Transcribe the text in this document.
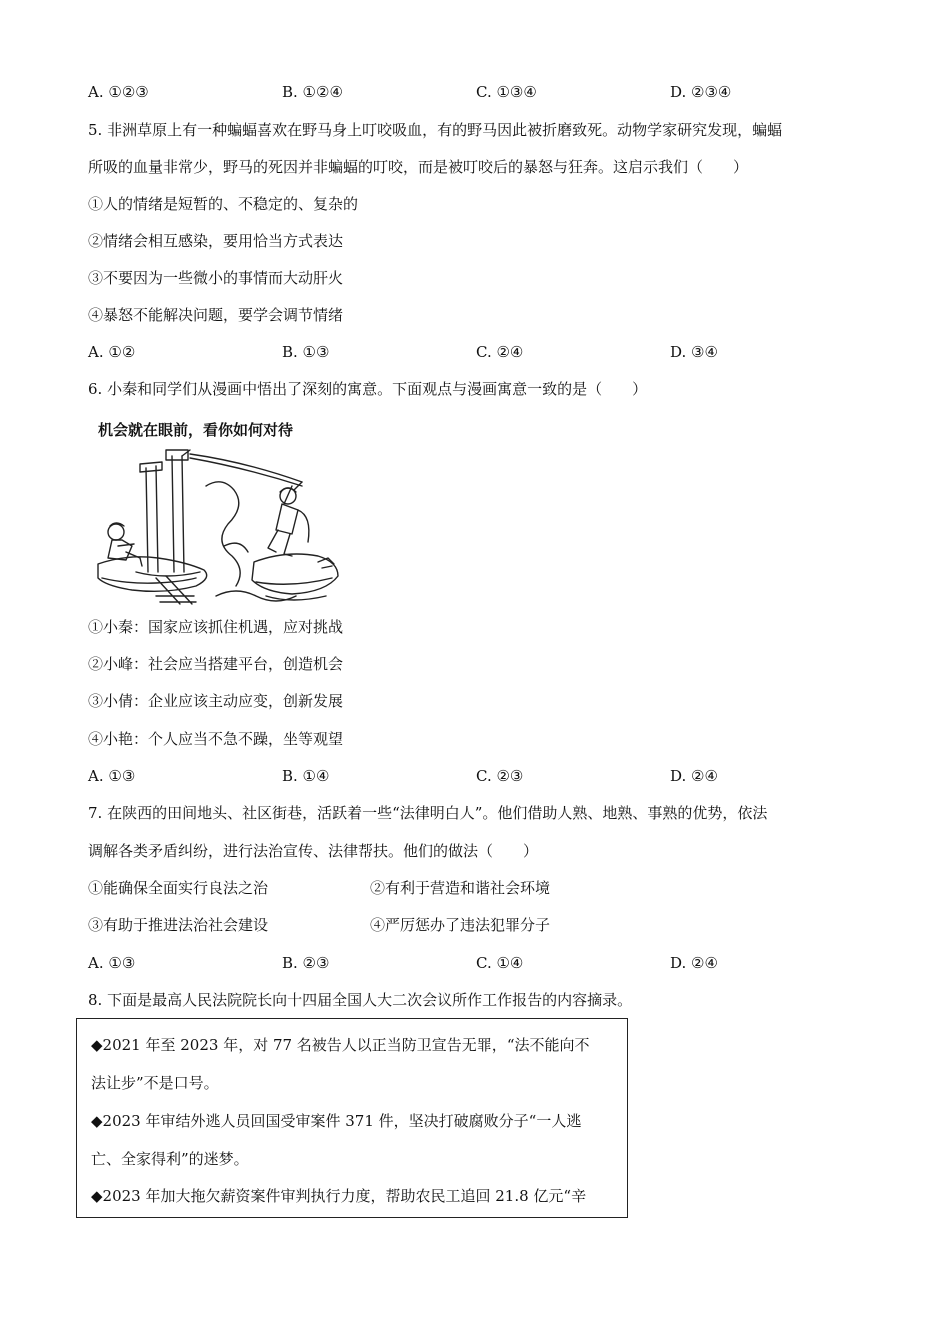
A. ①②③	B. ①②④	C. ①③④	D. ②③④
5. 非洲草原上有一种蝙蝠喜欢在野马身上叮咬吸血，有的野马因此被折磨致死。动物学家研究发现，蝙蝠
所吸的血量非常少，野马的死因并非蝙蝠的叮咬，而是被叮咬后的暴怒与狂奔。这启示我们（　　）
①人的情绪是短暂的、不稳定的、复杂的
②情绪会相互感染，要用恰当方式表达
③不要因为一些微小的事情而大动肝火
④暴怒不能解决问题，要学会调节情绪
A. ①②	B. ①③	C. ②④	D. ③④
6. 小秦和同学们从漫画中悟出了深刻的寓意。下面观点与漫画寓意一致的是（　　）
机会就在眼前，看你如何对待
①小秦：国家应该抓住机遇，应对挑战
②小峰：社会应当搭建平台，创造机会
③小倩：企业应该主动应变，创新发展
④小艳：个人应当不急不躁，坐等观望
A. ①③	B. ①④	C. ②③	D. ②④
7. 在陕西的田间地头、社区街巷，活跃着一些“法律明白人”。他们借助人熟、地熟、事熟的优势，依法
调解各类矛盾纠纷，进行法治宣传、法律帮扶。他们的做法（　　）
①能确保全面实行良法之治	②有利于营造和谐社会环境
③有助于推进法治社会建设	④严厉惩办了违法犯罪分子
A. ①③	B. ②③	C. ①④	D. ②④
8. 下面是最高人民法院院长向十四届全国人大二次会议所作工作报告的内容摘录。
◆2021 年至 2023 年，对 77 名被告人以正当防卫宣告无罪，“法不能向不
法让步”不是口号。
◆2023 年审结外逃人员回国受审案件 371 件，坚决打破腐败分子“一人逃
亡、全家得利”的迷梦。
◆2023 年加大拖欠薪资案件审判执行力度，帮助农民工追回 21.8 亿元“辛
